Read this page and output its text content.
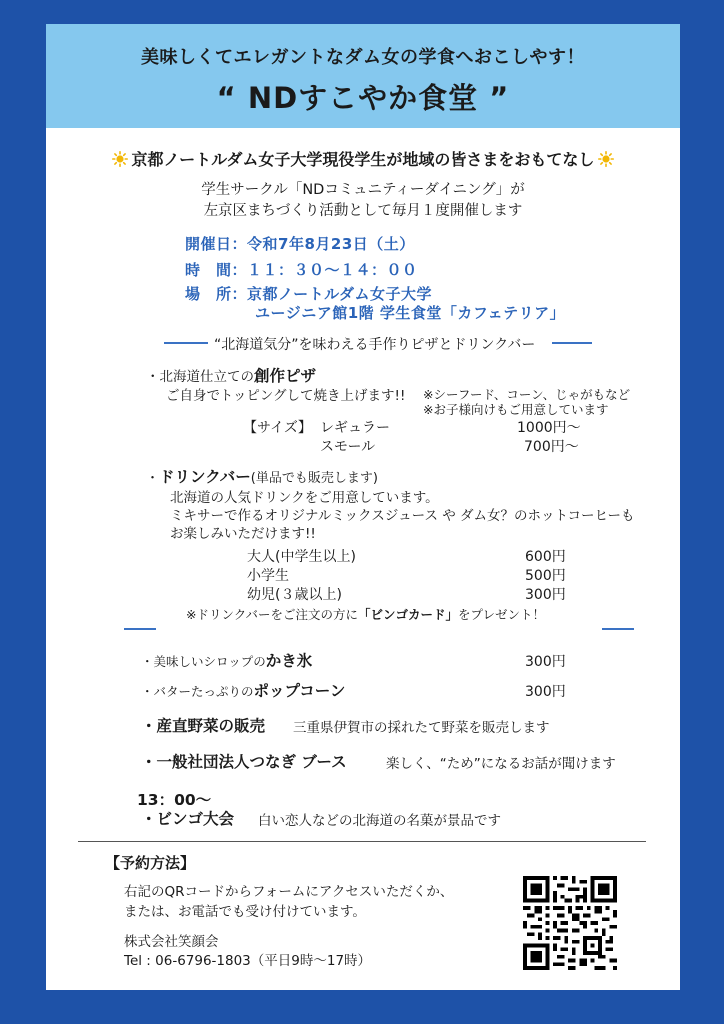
美味しくてエレガントなダム女の学食へおこしやす！
“ NDすこやか食堂 ”
京都ノートルダム女子大学現役学生が地域の皆さまをおもてなし
学生サークル「NDコミュニティーダイニング」が
左京区まちづくり活動として毎月１度開催します
開催日：令和7年8月23日（土）
時　間：１１：３０～１４：００
場　所：京都ノートルダム女子大学
ユージニア館1階 学生食堂「カフェテリア」
“北海道気分”を味わえる手作りピザとドリンクバー
・北海道仕立ての創作ピザ
ご自身でトッピングして焼き上げます!! ※シーフード、コーン、じゃがもなど
※お子様向けもご用意しています
【サイズ】 レギュラー	1000円～
スモール	700円～
・ドリンクバー(単品でも販売します)
北海道の人気ドリンクをご用意しています。
ミキサーで作るオリジナルミックスジュース や ダム女？のホットコーヒーも
お楽しみいただけます!!
大人(中学生以上)	600円
小学生	500円
幼児(３歳以上)	300円
※ドリンクバーをご注文の方に「ビンゴカード」をプレゼント！
・美味しいシロップのかき氷	300円
・バターたっぷりのポップコーン	300円
・産直野菜の販売 三重県伊賀市の採れたて野菜を販売します
・一般社団法人つなぎ ブース	楽しく、“ため”になるお話が聞けます
13：00～
・ビンゴ大会 白い恋人などの北海道の名菓が景品です
【予約方法】
右記のQRコードからフォームにアクセスいただくか、
または、お電話でも受け付けています。
株式会社笑顔会
Tel : 06-6796-1803（平日9時～17時）
